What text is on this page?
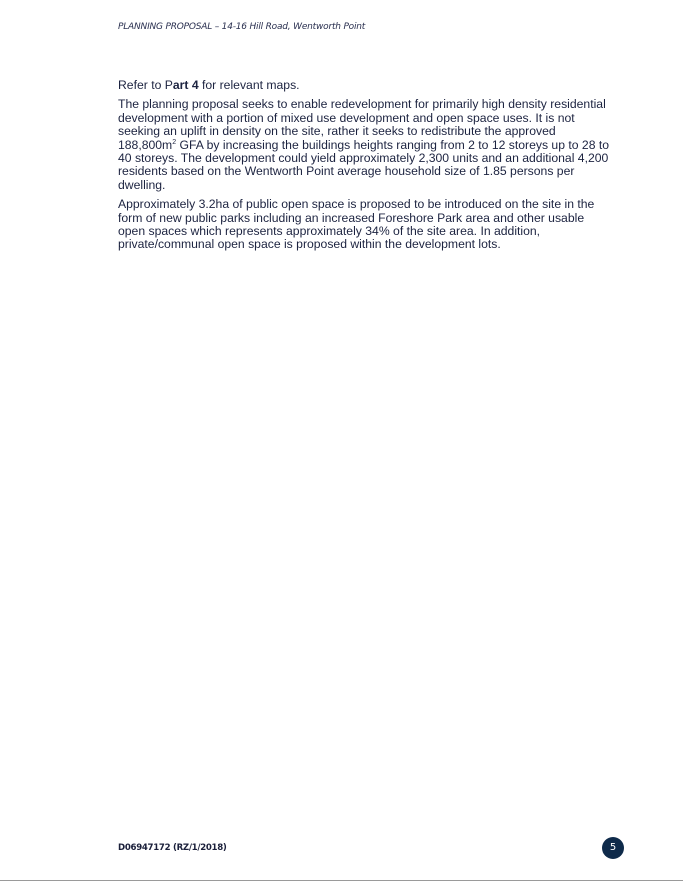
PLANNING PROPOSAL – 14-16 Hill Road, Wentworth Point

Refer to Part 4 for relevant maps.

The planning proposal seeks to enable redevelopment for primarily high density residential development with a portion of mixed use development and open space uses. It is not seeking an uplift in density on the site, rather it seeks to redistribute the approved $188,800m^2$ GFA by increasing the buildings heights ranging from 2 to 12 storeys up to 28 to 40 storeys. The development could yield approximately 2,300 units and an additional 4,200 residents based on the Wentworth Point average household size of 1.85 persons per dwelling.

Approximately 3.2ha of public open space is proposed to be introduced on the site in the form of new public parks including an increased Foreshore Park area and other usable open spaces which represents approximately 34% of the site area. In addition, private/communal open space is proposed within the development lots.

D06947172 (RZ/1/2018)	5
